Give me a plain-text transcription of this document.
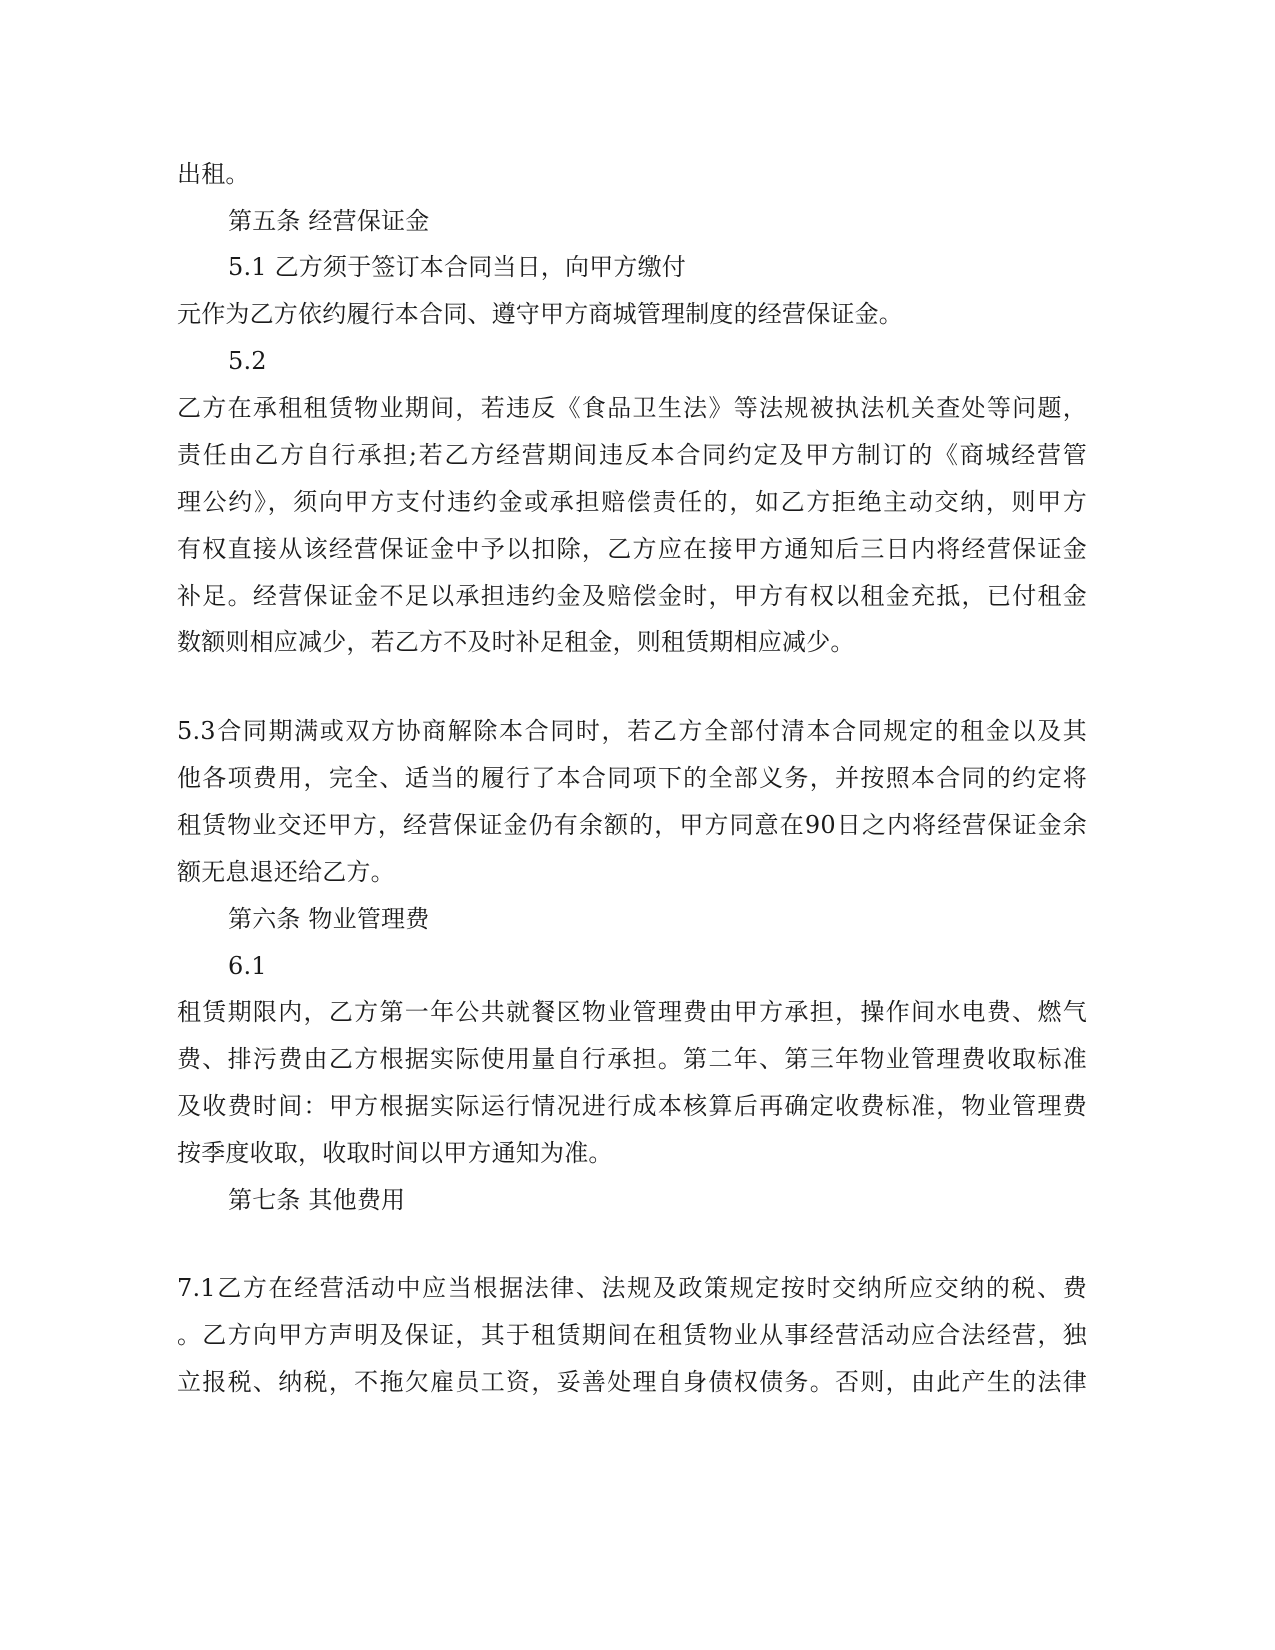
出租。
第五条 经营保证金
5.1 乙方须于签订本合同当日，向甲方缴付
元作为乙方依约履行本合同、遵守甲方商城管理制度的经营保证金。
5.2
乙方在承租租赁物业期间，若违反《食品卫生法》等法规被执法机关查处等问题，
责任由乙方自行承担;若乙方经营期间违反本合同约定及甲方制订的《商城经营管
理公约》，须向甲方支付违约金或承担赔偿责任的，如乙方拒绝主动交纳，则甲方
有权直接从该经营保证金中予以扣除，乙方应在接甲方通知后三日内将经营保证金
补足。经营保证金不足以承担违约金及赔偿金时，甲方有权以租金充抵，已付租金
数额则相应减少，若乙方不及时补足租金，则租赁期相应减少。
5.3合同期满或双方协商解除本合同时，若乙方全部付清本合同规定的租金以及其
他各项费用，完全、适当的履行了本合同项下的全部义务，并按照本合同的约定将
租赁物业交还甲方，经营保证金仍有余额的，甲方同意在90日之内将经营保证金余
额无息退还给乙方。
第六条 物业管理费
6.1
租赁期限内，乙方第一年公共就餐区物业管理费由甲方承担，操作间水电费、燃气
费、排污费由乙方根据实际使用量自行承担。第二年、第三年物业管理费收取标准
及收费时间：甲方根据实际运行情况进行成本核算后再确定收费标准，物业管理费
按季度收取，收取时间以甲方通知为准。
第七条 其他费用
7.1乙方在经营活动中应当根据法律、法规及政策规定按时交纳所应交纳的税、费
。乙方向甲方声明及保证，其于租赁期间在租赁物业从事经营活动应合法经营，独
立报税、纳税，不拖欠雇员工资，妥善处理自身债权债务。否则，由此产生的法律
